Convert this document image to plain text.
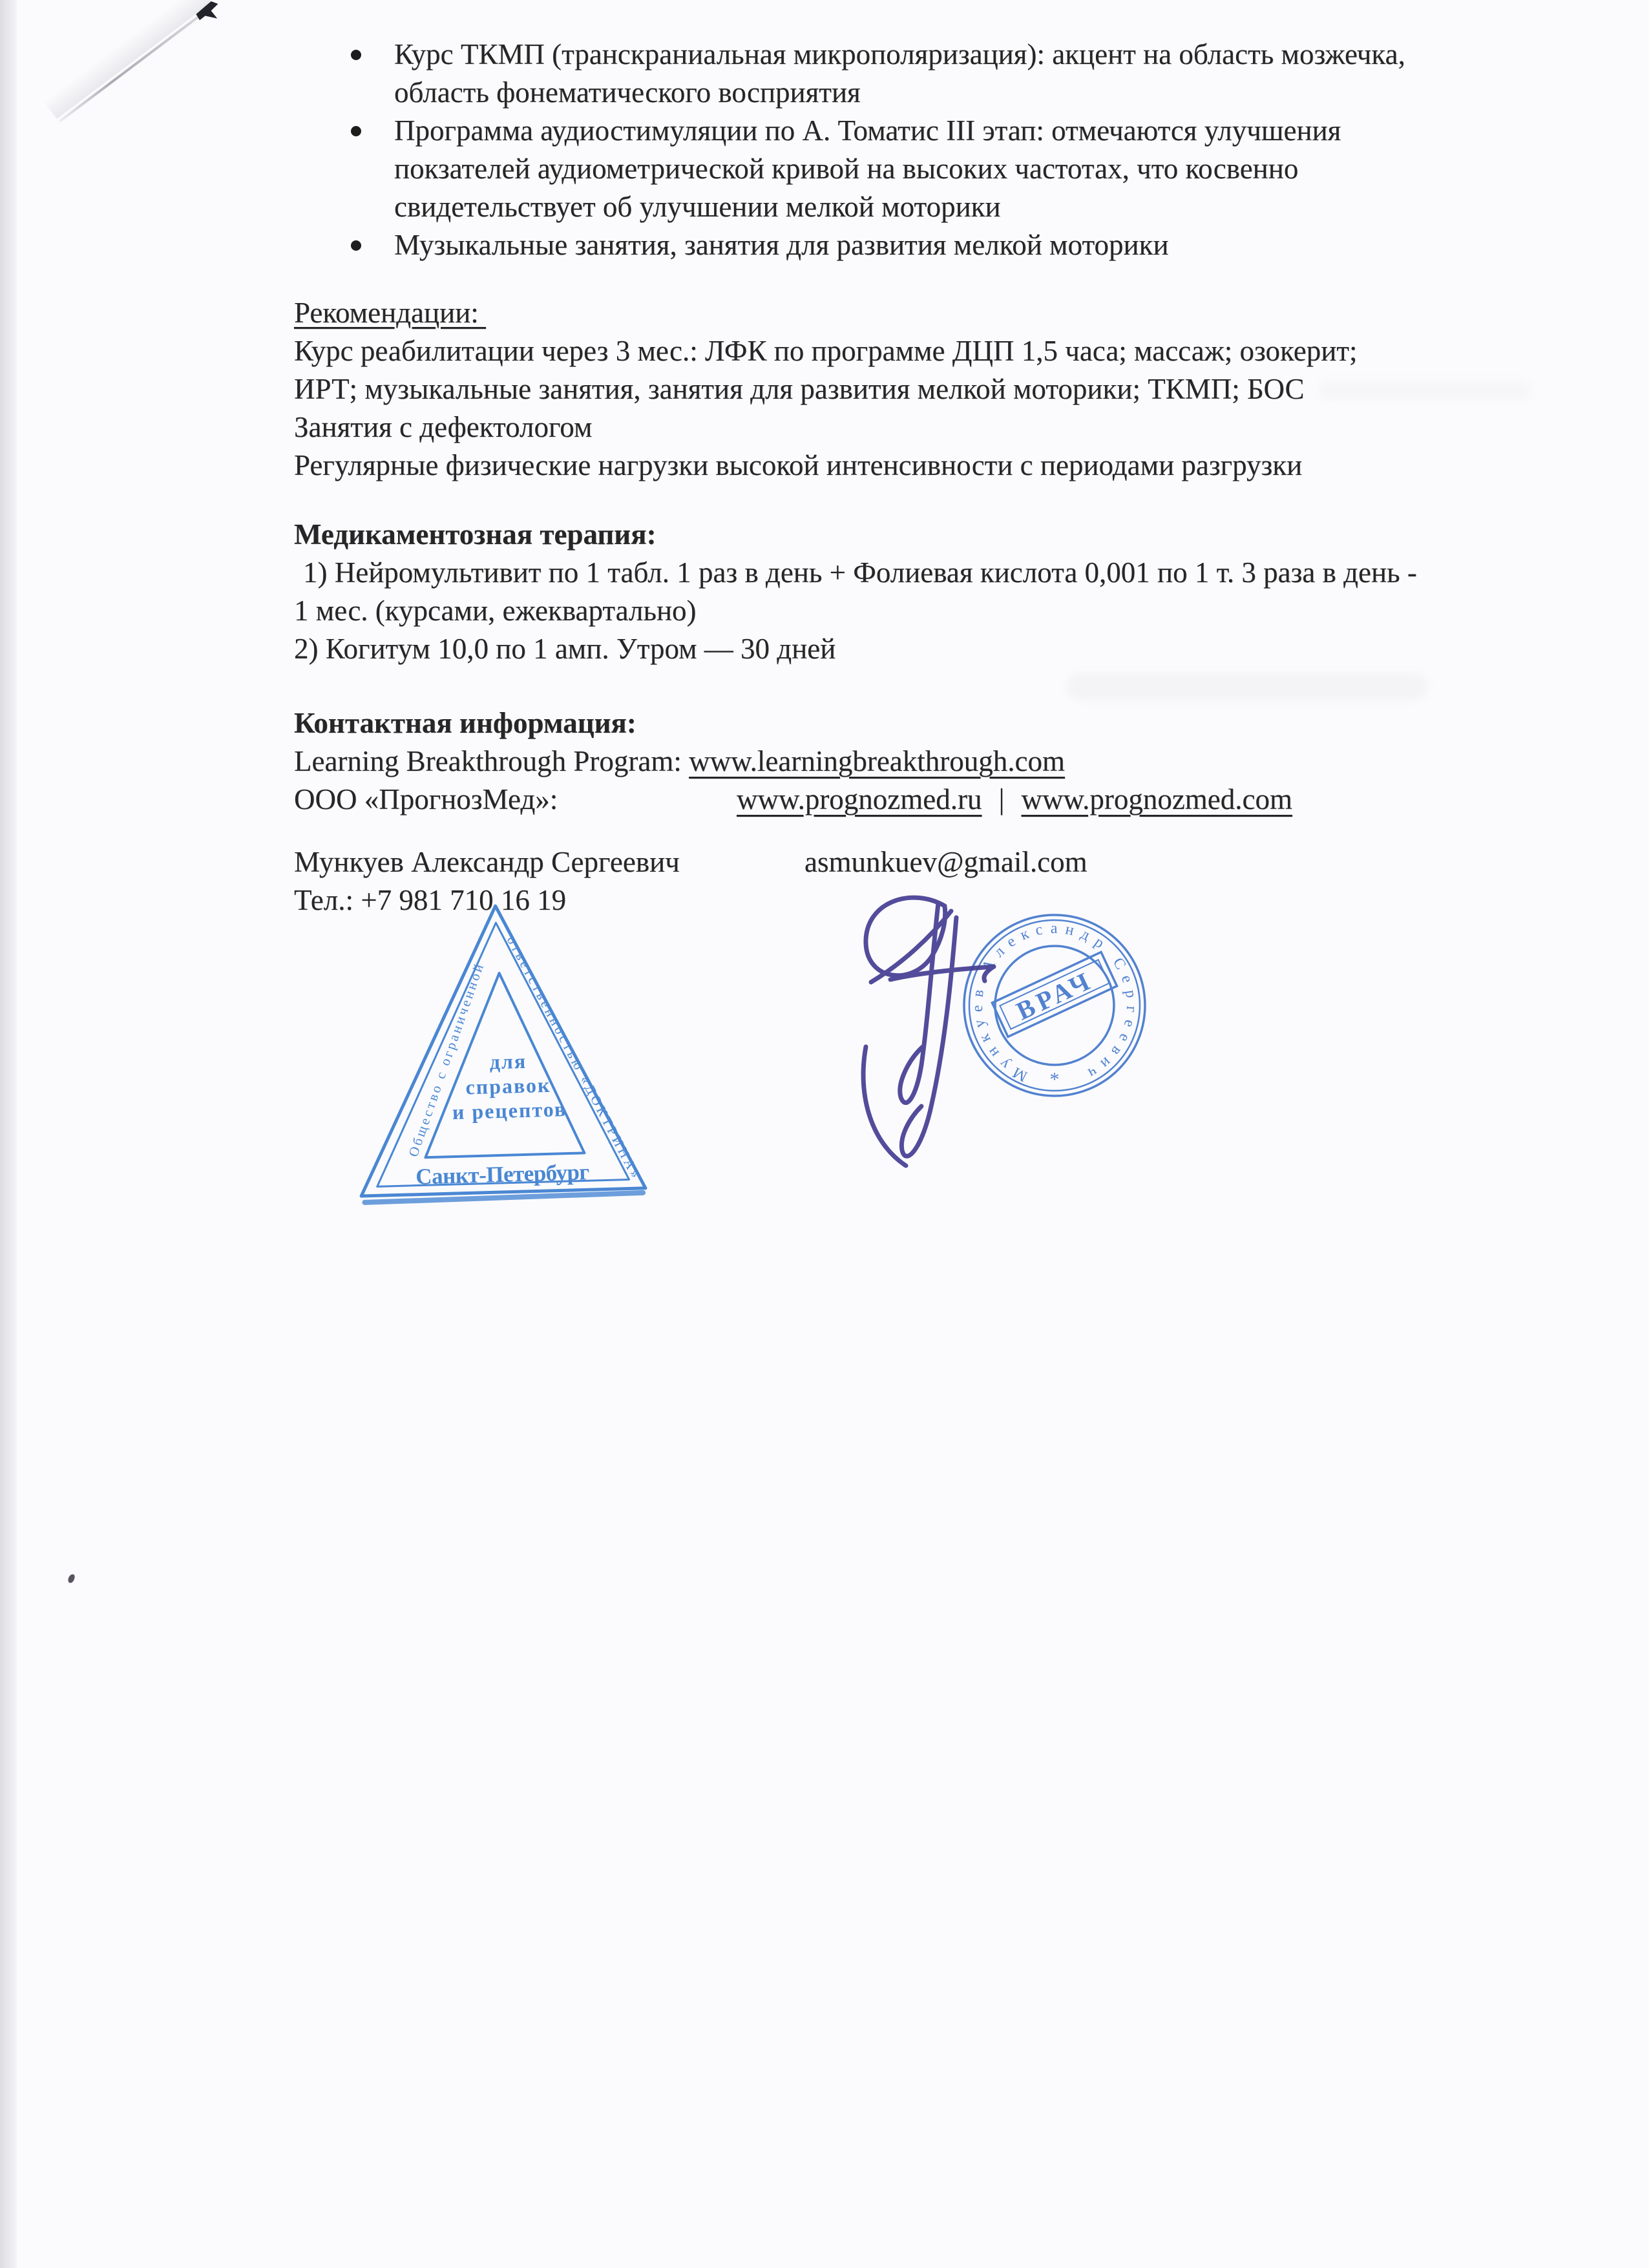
Курс ТКМП (транскраниальная микрополяризация): акцент на область мозжечка,
область фонематического восприятия
Программа аудиостимуляции по А. Томатис III этап: отмечаются улучшения
покзателей аудиометрической кривой на высоких частотах, что косвенно
свидетельствует об улучшении мелкой моторики
Музыкальные занятия, занятия для развития мелкой моторики
Рекомендации:
Курс реабилитации через 3 мес.: ЛФК по программе ДЦП 1,5 часа; массаж; озокерит;
ИРТ; музыкальные занятия, занятия для развития мелкой моторики; ТКМП; БОС
Занятия с дефектологом
Регулярные физические нагрузки высокой интенсивности с периодами разгрузки
Медикаментозная терапия:
1) Нейромультивит по 1 табл. 1 раз в день + Фолиевая кислота 0,001 по 1 т. 3 раза в день -
1 мес. (курсами, ежеквартально)
2) Когитум 10,0 по 1 амп. Утром — 30 дней
Контактная информация:
Learning Breakthrough Program: www.learningbreakthrough.com
ООО «ПрогнозМед»:	www.prognozmed.ru | www.prognozmed.com
Мункуев Александр Сергеевич	asmunkuev@gmail.com
Тел.: +7 981 710 16 19
Общество с ограниченной
ответственностью «ДОКТРИНА»
для
справок
и рецептов
Санкт-Петербург
Мункуев Александр Сергеевич
*
ВРАЧ
